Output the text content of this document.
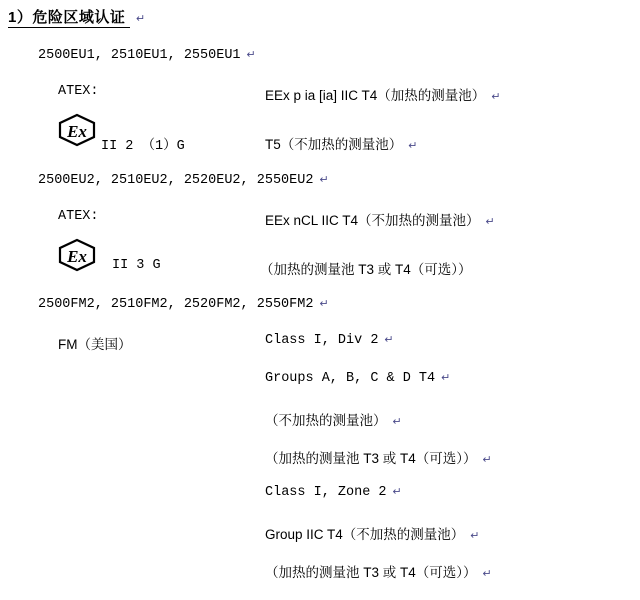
1）危险区域认证 ↵
2500EU1, 2510EU1, 2550EU1 ↵
ATEX:	EEx p ia [ia] IIC T4（加热的测量池） ↵
Ex
II 2 （1）G	T5（不加热的测量池） ↵
2500EU2, 2510EU2, 2520EU2, 2550EU2 ↵
ATEX:	EEx nCL IIC T4（不加热的测量池） ↵
Ex II 3 G	（加热的测量池 T3 或 T4（可选））
2500FM2, 2510FM2, 2520FM2, 2550FM2 ↵
FM（美国）	Class I, Div 2 ↵
Groups A, B, C & D T4 ↵
（不加热的测量池） ↵
（加热的测量池 T3 或 T4（可选）） ↵
Class I, Zone 2 ↵
Group IIC T4（不加热的测量池） ↵
（加热的测量池 T3 或 T4（可选）） ↵
